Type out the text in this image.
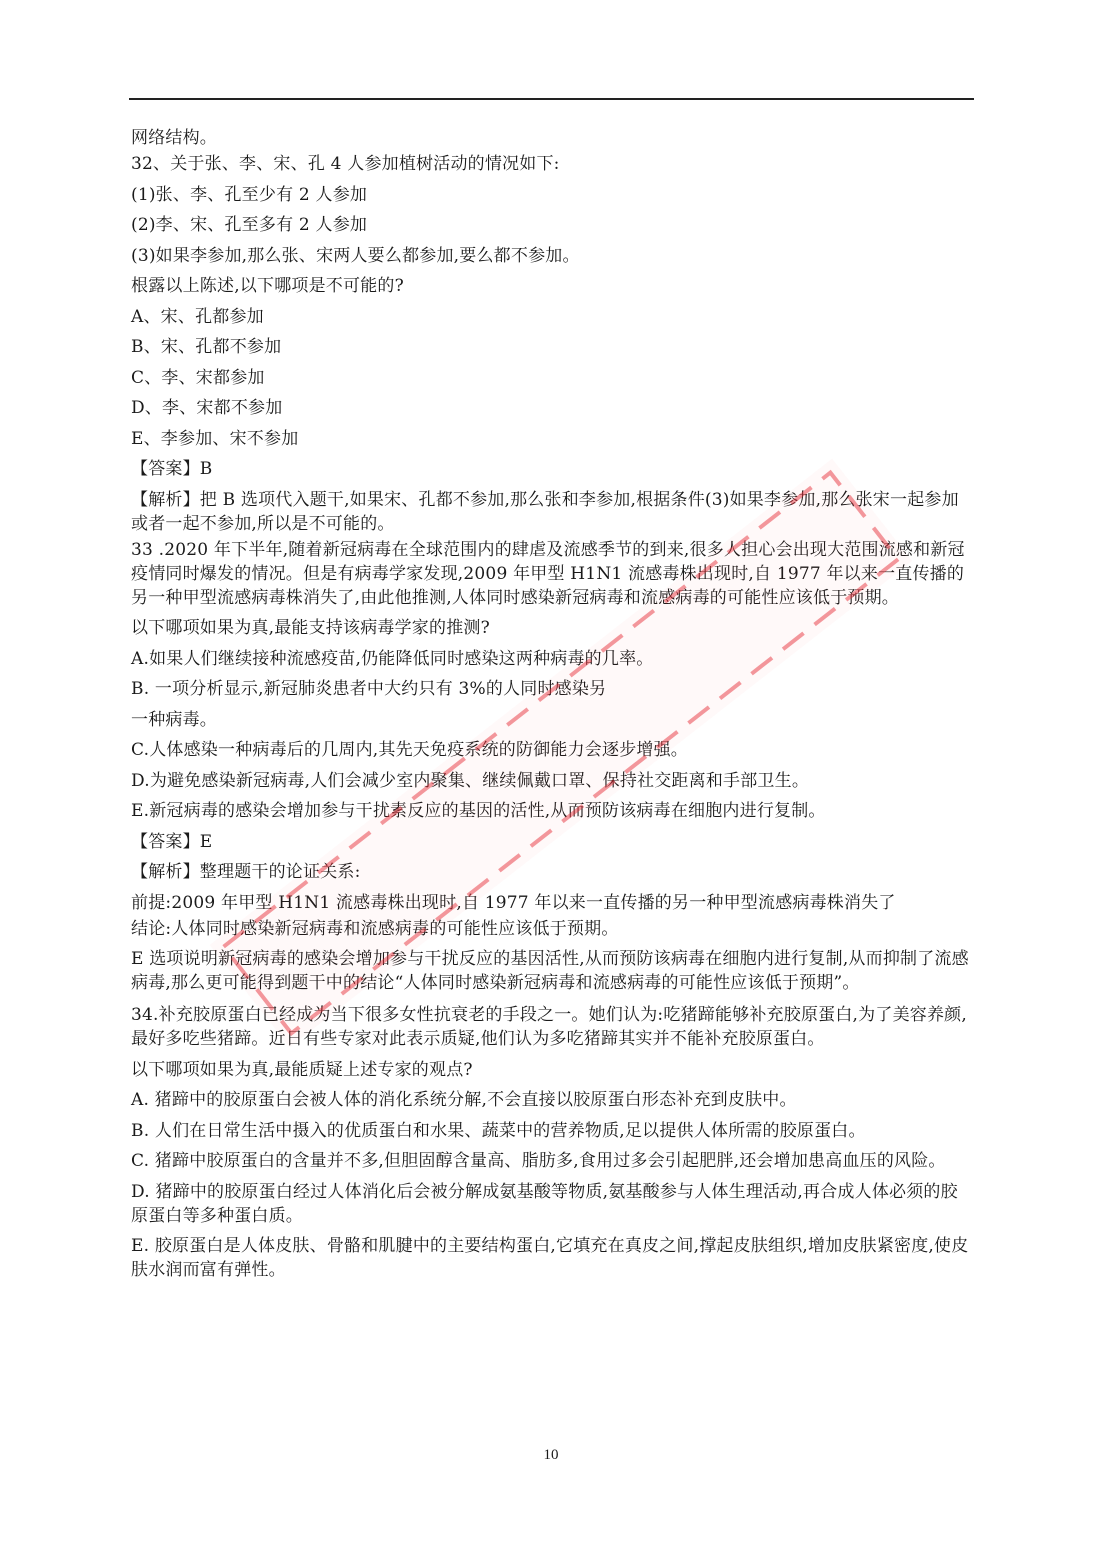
网络结构。

32、关于张、李、宋、孔 4 人参加植树活动的情况如下:

(1)张、李、孔至少有 2 人参加

(2)李、宋、孔至多有 2 人参加

(3)如果李参加,那么张、宋两人要么都参加,要么都不参加。

根露以上陈述,以下哪项是不可能的?

A、宋、孔都参加

B、宋、孔都不参加

C、李、宋都参加

D、李、宋都不参加

E、李参加、宋不参加

【答案】B

【解析】把 B 选项代入题干,如果宋、孔都不参加,那么张和李参加,根据条件(3)如果李参加,那么张宋一起参加或者一起不参加,所以是不可能的。

33 .2020 年下半年,随着新冠病毒在全球范围内的肆虐及流感季节的到来,很多人担心会出现大范围流感和新冠疫情同时爆发的情况。但是有病毒学家发现,2009 年甲型 H1N1 流感毒株出现时,自 1977 年以来一直传播的另一种甲型流感病毒株消失了,由此他推测,人体同时感染新冠病毒和流感病毒的可能性应该低于预期。

以下哪项如果为真,最能支持该病毒学家的推测?

A.如果人们继续接种流感疫苗,仍能降低同时感染这两种病毒的几率。

B. 一项分析显示,新冠肺炎患者中大约只有 3%的人同时感染另

一种病毒。

C.人体感染一种病毒后的几周内,其先天免疫系统的防御能力会逐步增强。

D.为避免感染新冠病毒,人们会减少室内聚集、继续佩戴口罩、保持社交距离和手部卫生。

E.新冠病毒的感染会增加参与干扰素反应的基因的活性,从而预防该病毒在细胞内进行复制。

【答案】E

【解析】整理题干的论证关系:

前提:2009 年甲型 H1N1 流感毒株出现时,自 1977 年以来一直传播的另一种甲型流感病毒株消失了

结论:人体同时感染新冠病毒和流感病毒的可能性应该低于预期。

E 选项说明新冠病毒的感染会增加参与干扰反应的基因活性,从而预防该病毒在细胞内进行复制,从而抑制了流感病毒,那么更可能得到题干中的结论“人体同时感染新冠病毒和流感病毒的可能性应该低于预期”。

34.补充胶原蛋白已经成为当下很多女性抗衰老的手段之一。她们认为:吃猪蹄能够补充胶原蛋白,为了美容养颜,最好多吃些猪蹄。近日有些专家对此表示质疑,他们认为多吃猪蹄其实并不能补充胶原蛋白。

以下哪项如果为真,最能质疑上述专家的观点?

A. 猪蹄中的胶原蛋白会被人体的消化系统分解,不会直接以胶原蛋白形态补充到皮肤中。

B. 人们在日常生活中摄入的优质蛋白和水果、蔬菜中的营养物质,足以提供人体所需的胶原蛋白。

C. 猪蹄中胶原蛋白的含量并不多,但胆固醇含量高、脂肪多,食用过多会引起肥胖,还会增加患高血压的风险。

D. 猪蹄中的胶原蛋白经过人体消化后会被分解成氨基酸等物质,氨基酸参与人体生理活动,再合成人体必须的胶原蛋白等多种蛋白质。

E. 胶原蛋白是人体皮肤、骨骼和肌腱中的主要结构蛋白,它填充在真皮之间,撑起皮肤组织,增加皮肤紧密度,使皮肤水润而富有弹性。

10
